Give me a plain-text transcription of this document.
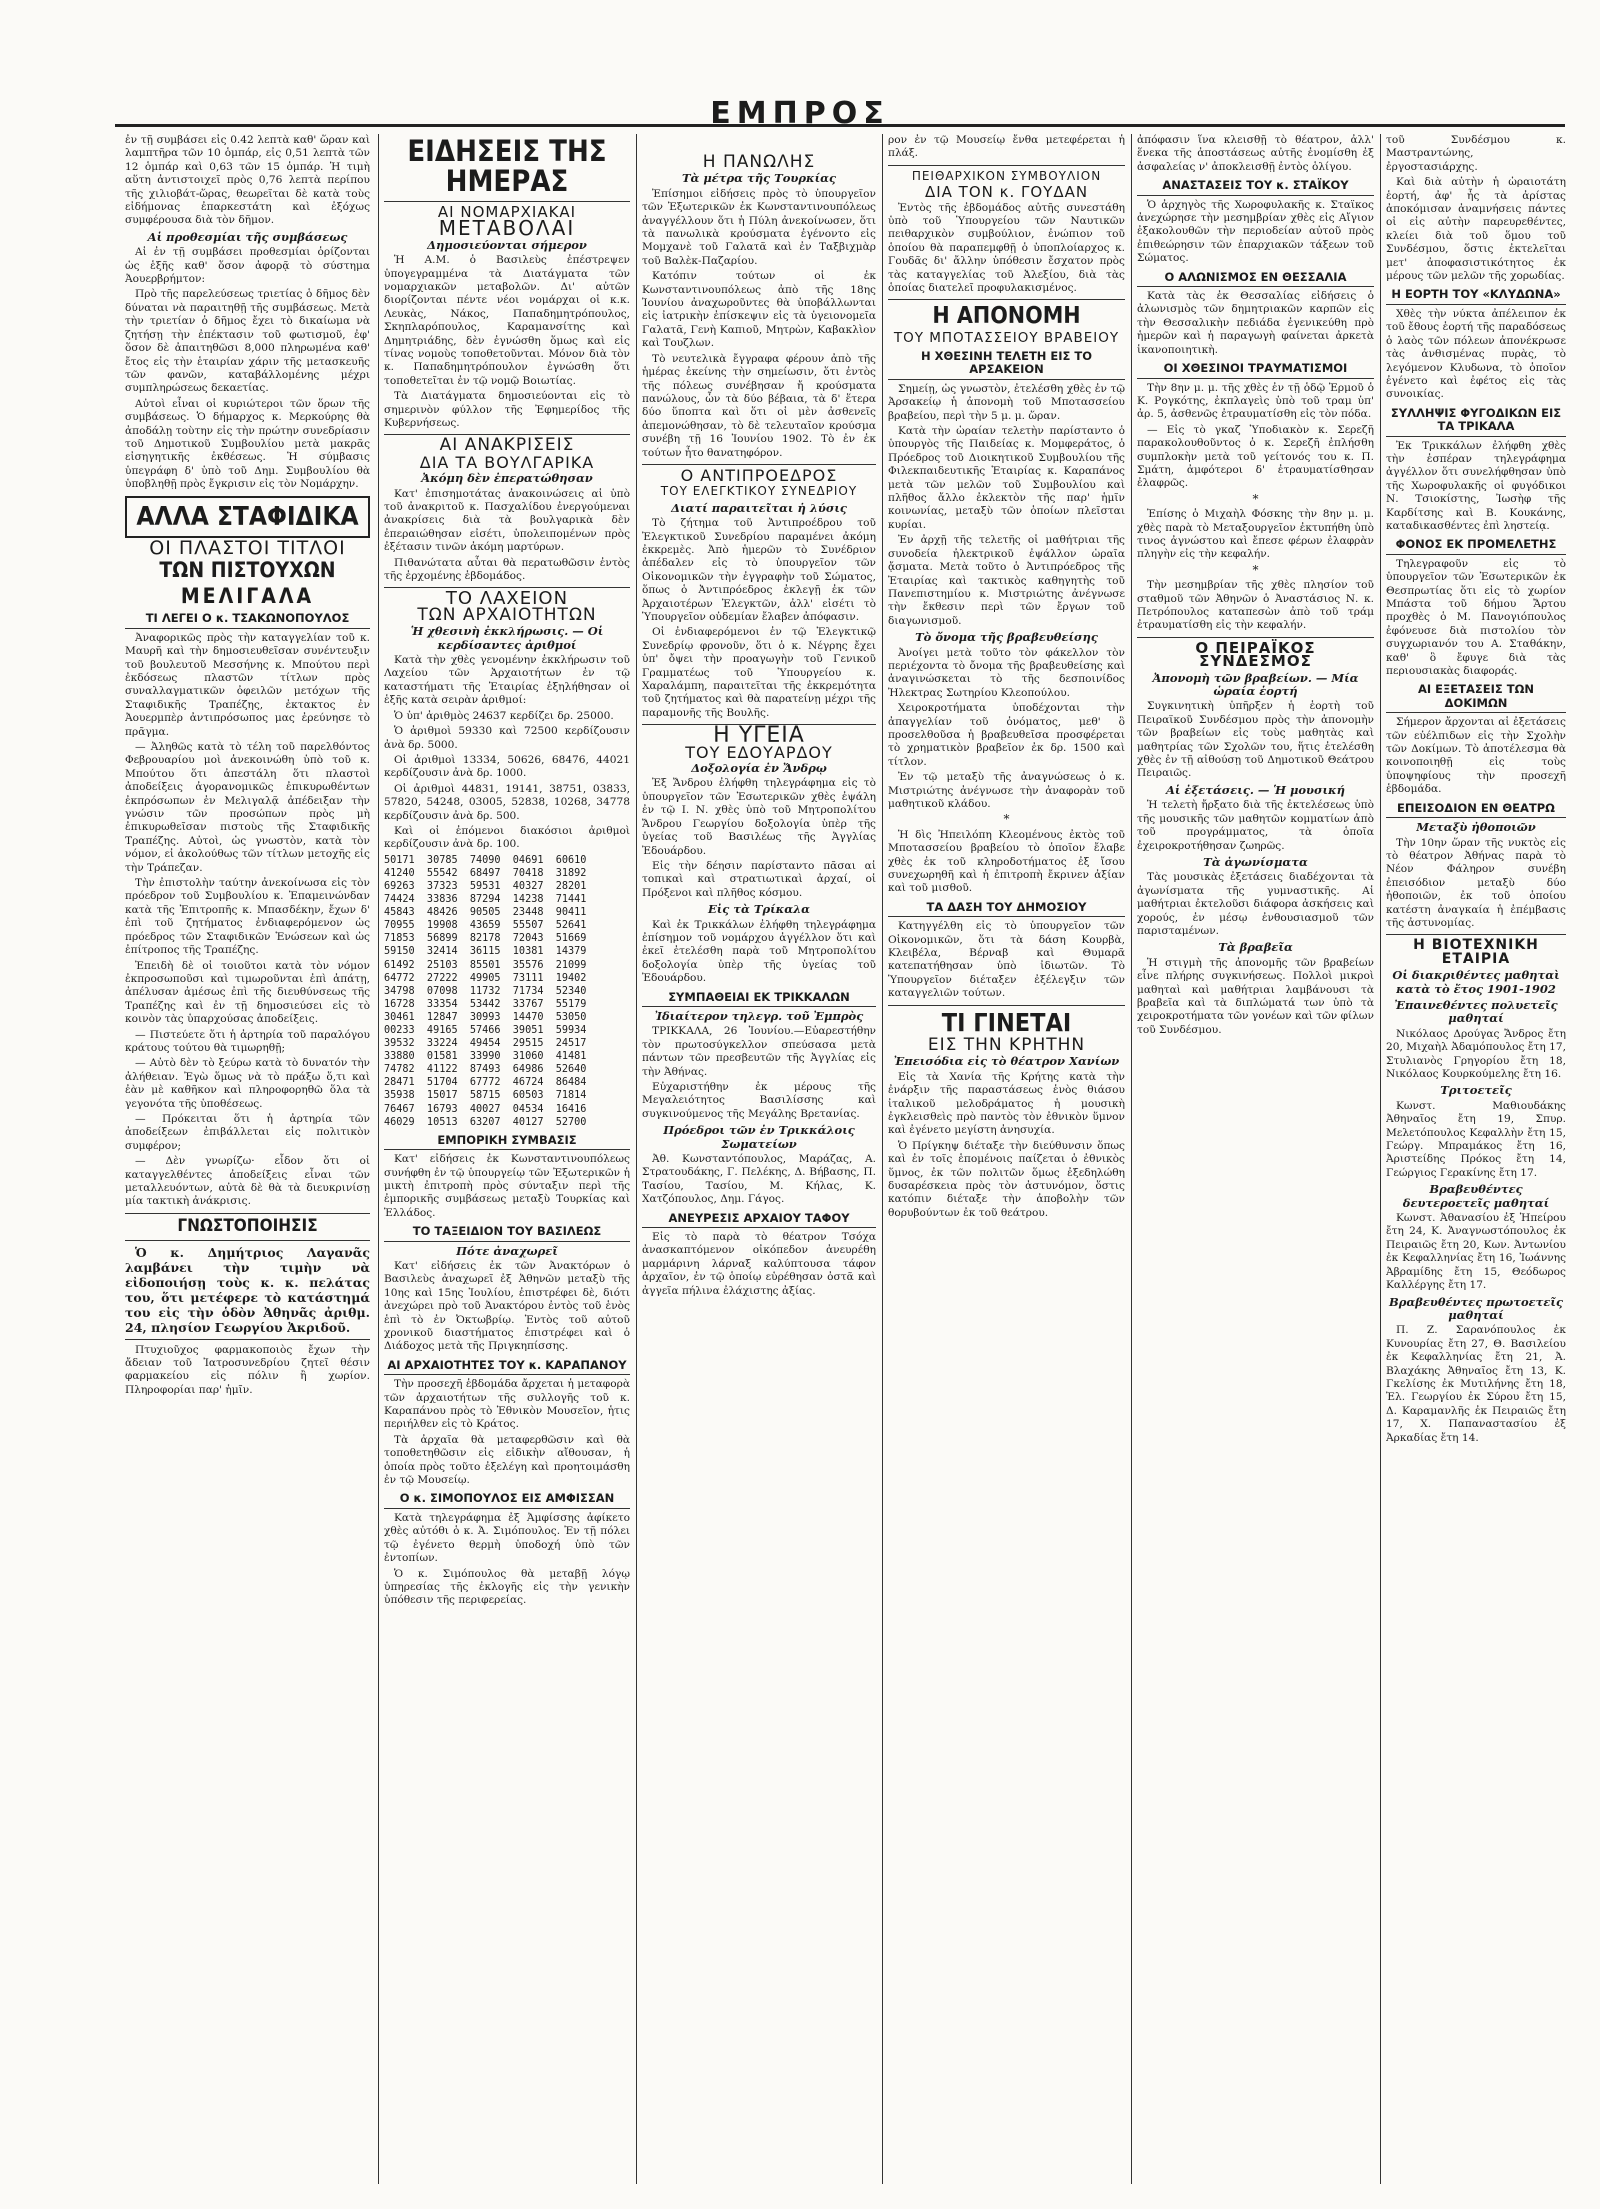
ΕΜΠΡΟΣ

ἐν τῇ συμβάσει εἰς 0.42 λεπτὰ καθ' ὥραν καὶ λαμπτῆρα τῶν 10 ὁμπάρ, εἰς 0,51 λεπτὰ τῶν 12 ὁμπάρ καὶ 0,63 τῶν 15 ὁμπάρ. Ἡ τιμὴ αὕτη ἀντιστοιχεῖ πρὸς 0,76 λεπτὰ περίπου τῆς χιλιοβάτ-ὥρας, θεωρεῖται δὲ κατὰ τοὺς εἰδήμονας ἐπαρκεστάτη καὶ ἐξόχως συμφέρουσα διὰ τὸν δῆμον.

Αἱ προθεσμίαι τῆς συμβάσεως

Αἱ ἐν τῇ συμβάσει προθεσμίαι ὁρίζονται ὡς ἑξῆς καθ' ὅσον ἀφορᾷ τὸ σύστημα Ἀουερβρήμτον:

Πρὸ τῆς παρελεύσεως τριετίας ὁ δῆμος δὲν δύναται νὰ παραιτηθῇ τῆς συμβάσεως. Μετὰ τὴν τριετίαν ὁ δῆμος ἔχει τὸ δικαίωμα νὰ ζητήσῃ τὴν ἐπέκτασιν τοῦ φωτισμοῦ, ἐφ' ὅσον δὲ ἀπαιτηθῶσι 8,000 πληρωμένα καθ' ἔτος εἰς τὴν ἑταιρίαν χάριν τῆς μετασκευῆς τῶν φανῶν, καταβάλλομένης μέχρι συμπληρώσεως δεκαετίας.

Αὐτοὶ εἶναι οἱ κυριώτεροι τῶν ὅρων τῆς συμβάσεως. Ὁ δήμαρχος κ. Μερκούρης θὰ ἀποδάλῃ τοὺτην εἰς τὴν πρώτην συνεδρίασιν τοῦ Δημοτικοῦ Συμβουλίου μετὰ μακρᾶς εἰσηγητικῆς ἐκθέσεως. Ἡ σύμβασις ὑπεγράφη δ' ὑπὸ τοῦ Δημ. Συμβουλίου θὰ ὑποβληθῇ πρὸς ἔγκρισιν εἰς τὸν Νομάρχην.

ΑΛΛΑ ΣΤΑΦΙΔΙΚΑ
ΟΙ ΠΛΑΣΤΟΙ ΤΙΤΛΟΙ
ΤΩΝ ΠΙΣΤΟΥΧΩΝ
ΜΕΛΙΓΑΛΑ
ΤΙ ΛΕΓΕΙ Ο κ. ΤΣΑΚΩΝΟΠΟΥΛΟΣ

Ἀναφορικῶς πρὸς τὴν καταγγελίαν τοῦ κ. Μαυρῆ καὶ τὴν δημοσιευθεῖσαν συνέντευξιν τοῦ βουλευτοῦ Μεσσήνης κ. Μπούτου περὶ ἐκδόσεως πλαστῶν τίτλων πρὸς συναλλαγματικῶν ὀφειλῶν μετόχων τῆς Σταφιδικῆς Τραπέζης, ἐκτακτος ἐν Ἀουερμπὲρ ἀντιπρόσωπος μας ἐρεύνησε τὸ πρᾶγμα.

— Ἀληθῶς κατὰ τὸ τέλη τοῦ παρελθόντος Φεβρουαρίου μοὶ ἀνεκοινώθη ὑπὸ τοῦ κ. Μπούτου ὅτι ἀπεστάλη ὅτι πλαστοὶ ἀποδείξεις ἀγορανομικῶς ἐπικυρωθέντων ἐκπρόσωπων ἐν Μελιγαλᾷ ἀπέδειξαν τὴν γνώσιν τῶν προσώπων πρὸς μὴ ἐπικυρωθεῖσαν πιστοὺς τῆς Σταφιδικῆς Τραπέζης. Αὐτοὶ, ὡς γνωστὸν, κατὰ τὸν νόμον, εἰ ἀκολούθως τῶν τίτλων μετοχῆς εἰς τὴν Τράπεζαν.

Τὴν ἐπιστολὴν ταύτην ἀνεκοίνωσα εἰς τὸν πρόεδρον τοῦ Συμβουλίου κ. Ἐπαμεινώνδαν κατὰ τῆς Ἐπιτροπῆς κ. Μπασδέκην, ἔχων δ' ἐπὶ τοῦ ζητήματος ἐνδιαφερόμενον ὡς πρόεδρος τῶν Σταφιδικῶν Ἑνώσεων καὶ ὡς ἐπίτροπος τῆς Τραπέζης.

Ἐπειδὴ δὲ οἱ τοιοῦτοι κατὰ τὸν νόμον ἐκπροσωποῦσι καὶ τιμωροῦνται ἐπὶ ἀπάτῃ, ἀπέλυσαν ἀμέσως ἐπὶ τῆς διευθύνσεως τῆς Τραπέζης καὶ ἐν τῇ δημοσιεύσει εἰς τὸ κοινὸν τὰς ὑπαρχούσας ἀποδείξεις.

— Πιστεύετε ὅτι ἡ ἀρτηρία τοῦ παραλόγου κράτους τούτου θὰ τιμωρηθῇ;

— Αὐτὸ δὲν τὸ ξεύρω κατὰ τὸ δυνατόν τὴν ἀλήθειαν. Ἐγὼ ὅμως νὰ τὸ πράξω ὅ,τι καὶ ἐὰν μὲ καθῆκον καὶ πληροφορηθῶ ὅλα τὰ γεγονότα τῆς ὑποθέσεως.

— Πρόκειται ὅτι ἡ ἀρτηρία τῶν ἀποδείξεων ἐπιβάλλεται εἰς πολιτικὸν συμφέρον;

— Δὲν γνωρίζω· εἶδον ὅτι οἱ καταγγελθέντες ἀποδείξεις εἶναι τῶν μεταλλευόντων, αὐτὰ δὲ θὰ τὰ διευκρινίσῃ μία τακτικὴ ἀνάκρισις.

ΓΝΩΣΤΟΠΟΙΗΣΙΣ

Ὁ κ. Δημήτριος Λαγανᾶς λαμβάνει τὴν τιμὴν νὰ εἰδοποιήσῃ τοὺς κ. κ. πελάτας του, ὅτι μετέφερε τὸ κατάστημά του εἰς τὴν ὁδὸν Ἀθηνᾶς ἀριθμ. 24, πλησίον Γεωργίου Ἀκριδοῦ.

Πτυχιοῦχος φαρμακοποιὸς ἔχων τὴν ἄδειαν τοῦ Ἰατροσυνεδρίου ζητεῖ θέσιν φαρμακείου εἰς πόλιν ἢ χωρίον. Πληροφορίαι παρ' ἡμῖν.

ΕΙΔΗΣΕΙΣ ΤΗΣ ΗΜΕΡΑΣ
ΑΙ ΝΟΜΑΡΧΙΑΚΑΙ
ΜΕΤΑΒΟΛΑΙ
Δημοσιεύονται σήμερον

Ἡ Α.Μ. ὁ Βασιλεὺς ἐπέστρεψεν ὑπογεγραμμένα τὰ Διατάγματα τῶν νομαρχιακῶν μεταβολῶν. Δι' αὐτῶν διορίζονται πέντε νέοι νομάρχαι οἱ κ.κ. Λευκὰς, Νάκος, Παπαδημητρόπουλος, Σκηπλαρόπουλος, Καραμανσίτης καὶ Δημητριάδης, δὲν ἐγνώσθη ὅμως καὶ εἰς τίνας νομοὺς τοποθετοῦνται. Μόνον διὰ τὸν κ. Παπαδημητρόπουλον ἐγνώσθη ὅτι τοποθετεῖται ἐν τῷ νομῷ Βοιωτίας.

Τὰ Διατάγματα δημοσιεύονται εἰς τὸ σημερινὸν φύλλον τῆς Ἐφημερίδος τῆς Κυβερνήσεως.

ΑΙ ΑΝΑΚΡΙΣΕΙΣ
ΔΙΑ ΤΑ ΒΟΥΛΓΑΡΙΚΑ
Ἀκόμη δὲν ἐπερατώθησαν

Κατ' ἐπισημοτάτας ἀνακοινώσεις αἱ ὑπὸ τοῦ ἀνακριτοῦ κ. Πασχαλίδου ἐνεργούμεναι ἀνακρίσεις διὰ τὰ βουλγαρικὰ δὲν ἐπεραιώθησαν εἰσέτι, ὑπολειπομένων πρὸς ἐξέτασιν τινῶν ἀκόμη μαρτύρων.

Πιθανώτατα αὗται θὰ περατωθῶσιν ἐντὸς τῆς ἐρχομένης ἑβδομάδος.

ΤΟ ΛΑΧΕΙΟΝ
ΤΩΝ ΑΡΧΑΙΟΤΗΤΩΝ
Ἡ χθεσινὴ ἐκκλήρωσις. — Οἱ κερδίσαντες ἀριθμοί

Κατὰ τὴν χθὲς γενομένην ἐκκλήρωσιν τοῦ Λαχείου τῶν Ἀρχαιοτήτων ἐν τῷ καταστήματι τῆς Ἐταιρίας ἐξηλήθησαν οἱ ἑξῆς κατὰ σειρὰν ἀριθμοί:

Ὁ ὑπ' ἀριθμὸς 24637 κερδίζει δρ. 25000.

Ὁ ἀριθμοὶ 59330 καὶ 72500 κερδίζουσιν ἀνὰ δρ. 5000.

Οἱ ἀριθμοὶ 13334, 50626, 68476, 44021 κερδίζουσιν ἀνὰ δρ. 1000.

Οἱ ἀριθμοὶ 44831, 19141, 38751, 03833, 57820, 54248, 03005, 52838, 10268, 34778 κερδίζουσιν ἀνὰ δρ. 500.

Καὶ οἱ ἐπόμενοι διακόσιοι ἀριθμοὶ κερδίζουσιν ἀνὰ δρ. 100.

50171  30785  74090  04691  60610
41240  55542  68497  70418  31892
69263  37323  59531  40327  28201
74424  33836  87294  14238  71441
45843  48426  90505  23448  90411
70955  19908  43659  55507  52641
71853  56899  82178  72043  51669
59150  32414  36115  10381  14379
61492  25103  85501  35576  21099
64772  27222  49905  73111  19402
34798  07098  11732  71734  52340
16728  33354  53442  33767  55179
30461  12847  30993  14470  53050
00233  49165  57466  39051  59934
39532  33224  49454  29515  24517
33880  01581  33990  31060  41481
74782  41122  87493  64986  52640
28471  51704  67772  46724  86484
35938  15017  58715  60503  71814
76467  16793  40027  04534  16416
46029  10513  63207  40127  52700
ΕΜΠΟΡΙΚΗ ΣΥΜΒΑΣΙΣ

Κατ' εἰδήσεις ἐκ Κωνσταντινουπόλεως συνήφθη ἐν τῷ ὑπουργείῳ τῶν Ἐξωτερικῶν ἡ μικτὴ ἐπιτροπὴ πρὸς σύνταξιν περὶ τῆς ἐμπορικῆς συμβάσεως μεταξὺ Τουρκίας καὶ Ἑλλάδος.

ΤΟ ΤΑΞΕΙΔΙΟΝ ΤΟΥ ΒΑΣΙΛΕΩΣ
Πότε ἀναχωρεῖ

Κατ' εἰδήσεις ἐκ τῶν Ἀνακτόρων ὁ Βασιλεὺς ἀναχωρεῖ ἐξ Ἀθηνῶν μεταξὺ τῆς 10ης καὶ 15ης Ἰουλίου, ἐπιστρέφει δὲ, διότι ἀνεχώρει πρὸ τοῦ Ἀνακτόρου ἐντὸς τοῦ ἑνὸς ἑπὶ τὸ ἐν Ὀκτωβρίῳ. Ἐντὸς τοῦ αὐτοῦ χρονικοῦ διαστήματος ἐπιστρέφει καὶ ὁ Διάδοχος μετὰ τῆς Πριγκηπίσσης.

ΑΙ ΑΡΧΑΙΟΤΗΤΕΣ ΤΟΥ κ. ΚΑΡΑΠΑΝΟΥ

Τὴν προσεχῆ ἑβδομάδα ἄρχεται ἡ μεταφορὰ τῶν ἀρχαιοτήτων τῆς συλλογῆς τοῦ κ. Καραπάνου πρὸς τὸ Ἐθνικὸν Μουσεῖον, ἡτις περιήλθεν εἰς τὸ Κράτος.

Τὰ ἀρχαῖα θὰ μεταφερθῶσιν καὶ θὰ τοποθετηθῶσιν εἰς εἰδικὴν αἴθουσαν, ἡ ὁποία πρὸς τοῦτο ἐξελέγη καὶ προητοιμάσθη ἐν τῷ Μουσείῳ.

Ο κ. ΣΙΜΟΠΟΥΛΟΣ ΕΙΣ ΑΜΦΙΣΣΑΝ

Κατὰ τηλεγράφημα ἐξ Ἀμφίσσης ἀφίκετο χθὲς αὐτόθι ὁ κ. Ἀ. Σιμόπουλος. Ἐν τῇ πόλει τῷ ἐγένετο θερμὴ ὑποδοχή ὑπὸ τῶν ἐντοπίων.

Ὁ κ. Σιμόπουλος θὰ μεταβῇ λόγῳ ὑπηρεσίας τῆς ἐκλογῆς εἰς τὴν γενικὴν ὑπόθεσιν τῆς περιφερείας.

Η ΠΑΝΩΛΗΣ
Τὰ μέτρα τῆς Τουρκίας

Ἐπίσημοι εἰδήσεις πρὸς τὸ ὑπουργεῖον τῶν Ἐξωτερικῶν ἐκ Κωνσταντινουπόλεως ἀναγγέλλουν ὅτι ἡ Πύλη ἀνεκοίνωσεν, ὅτι τὰ πανωλικὰ κρούσματα ἐγένοντο εἰς Μομχανὲ τοῦ Γαλατᾶ καὶ ἐν Ταξβιχμὰρ τοῦ Βαλὲκ-Παζαρίου.

Κατόπιν τούτων οἱ ἐκ Κωνσταντινουπόλεως ἀπὸ τῆς 18ης Ἰουνίου ἀναχωροῦντες θὰ ὑποβάλλωνται εἰς ἰατρικὴν ἐπίσκεψιν εἰς τὰ ὑγειονομεῖα Γαλατᾶ, Γενὴ Καπιοῦ, Μητρὼν, Καβακλὶον καὶ Τουζλων.

Τὸ νευτελικὰ ἔγγραφα φέρουν ἀπὸ τῆς ἡμέρας ἐκείνης τὴν σημείωσιν, ὅτι ἐντὸς τῆς πόλεως συνέβησαν ἤ κρούσματα πανώλους, ὧν τὰ δύο βέβαια, τὰ δ' ἕτερα δύο ὕποπτα καὶ ὅτι οἱ μὲν ἀσθενεῖς ἀπεμονώθησαν, τὸ δὲ τελευταῖον κρούσμα συνέβη τῇ 16 Ἰουνίου 1902. Τὸ ἐν ἐκ τούτων ἦτο θανατηφόρον.

Ο ΑΝΤΙΠΡΟΕΔΡΟΣ
ΤΟΥ ΕΛΕΓΚΤΙΚΟΥ ΣΥΝΕΔΡΙΟΥ
Διατί παραιτεῖται ἡ λύσις

Τὸ ζήτημα τοῦ Ἀντιπροέδρου τοῦ Ἐλεγκτικοῦ Συνεδρίου παραμένει ἀκόμη ἐκκρεμὲς. Ἀπὸ ἡμερῶν τὸ Συνέδριον ἀπέδαλεν εἰς τὸ ὑπουργεῖον τῶν Οἰκονομικῶν τὴν ἐγγραφὴν τοῦ Σώματος, ὅπως ὁ Ἀντιπρόεδρος ἐκλεγῇ ἐκ τῶν Ἀρχαιοτέρων Ἐλεγκτῶν, ἀλλ' εἰσέτι τὸ Ὑπουργεῖον οὐδεμίαν ἔλαβεν ἀπόφασιν.

Οἱ ἐνδιαφερόμενοι ἐν τῷ Ἐλεγκτικῷ Συνεδρίῳ φρονοῦν, ὅτι ὁ κ. Νέγρης ἔχει ὑπ' ὄψει τὴν προαγωγὴν τοῦ Γενικοῦ Γραμματέως τοῦ Ὑπουργείου κ. Χαραλάμπη, παραιτεῖται τῆς ἐκκρεμότητα τοῦ ζητήματος καὶ θὰ παρατείνῃ μέχρι τῆς παραμονῆς τῆς Βουλῆς.

Η ΥΓΕΙΑ
ΤΟΥ ΕΔΟΥΑΡΔΟΥ
Δοξολογία ἐν Ἄνδρῳ

Ἐξ Ἄνδρου ἐλήφθη τηλεγράφημα εἰς τὸ ὑπουργεῖον τῶν Ἐσωτερικῶν χθὲς ἐψάλη ἐν τῷ Ι. Ν. χθὲς ὑπὸ τοῦ Μητροπολίτου Ἄνδρου Γεωργίου δοξολογία ὑπὲρ τῆς ὑγείας τοῦ Βασιλέως τῆς Ἀγγλίας Ἐδουάρδου.

Εἰς τὴν δέησιν παρίσταντο πᾶσαι αἱ τοπικαὶ καὶ στρατιωτικαὶ ἀρχαί, οἱ Πρόξενοι καὶ πλῆθος κόσμου.

Εἰς τὰ Τρίκαλα

Καὶ ἐκ Τρικκάλων ἐλήφθη τηλεγράφημα ἐπίσημον τοῦ νομάρχου ἀγγέλλον ὅτι καὶ ἐκεῖ ἐτελέσθη παρὰ τοῦ Μητροπολίτου δοξολογία ὑπὲρ τῆς ὑγείας τοῦ Ἐδουάρδου.

ΣΥΜΠΑΘΕΙΑΙ ΕΚ ΤΡΙΚΚΑΛΩΝ
Ἰδιαίτερον τηλεγρ. τοῦ Ἐμπρὸς

ΤΡΙΚΚΑΛΑ, 26 Ἰουνίου.—Εὐαρεστήθην τὸν πρωτοσύγκελλον σπεύσασα μετὰ πάντων τῶν πρεσβευτῶν τῆς Ἀγγλίας εἰς τὴν Ἀθήνας.

Εὐχαριστήθην ἐκ μέρους τῆς Μεγαλειότητος Βασιλίσσης καὶ συγκινούμενος τῆς Μεγάλης Βρετανίας.

Πρόεδροι τῶν ἐν Τρικκάλοις Σωματείων

Ἀθ. Κωνσταντόπουλος, Μαράζας, Α. Στρατουδάκης, Γ. Πελέκης, Δ. Βήβασης, Π. Τασίου, Τασίου, Μ. Κήλας, Κ. Χατζόπουλος, Δημ. Γάγος.

ΑΝΕΥΡΕΣΙΣ ΑΡΧΑΙΟΥ ΤΑΦΟΥ

Εἰς τὸ παρὰ τὸ θέατρον Τσόχα ἀνασκαπτόμενον οἰκόπεδον ἀνευρέθη μαρμάρινη λάρναξ καλύπτουσα τάφον ἀρχαῖον, ἐν τῷ ὁποίῳ εὑρέθησαν ὀστᾶ καὶ ἀγγεῖα πήλινα ἐλάχιστης ἀξίας.

ρον ἐν τῷ Μουσείῳ ἔνθα μετεφέρεται ἡ πλάξ.

ΠΕΙΘΑΡΧΙΚΟΝ ΣΥΜΒΟΥΛΙΟΝ
ΔΙΑ ΤΟΝ κ. ΓΟΥΔΑΝ

Ἐντὸς τῆς ἐβδομάδος αὐτῆς συνεστάθη ὑπὸ τοῦ Ὑπουργείου τῶν Ναυτικῶν πειθαρχικὸν συμβούλιον, ἐνώπιον τοῦ ὁποίου θὰ παραπεμφθῇ ὁ ὑποπλοίαρχος κ. Γουδᾶς δι' ἄλλην ὑπόθεσιν ἔσχατον πρὸς τὰς καταγγελίας τοῦ Ἀλεξίου, διὰ τὰς ὁποίας διατελεῖ προφυλακισμένος.

Η ΑΠΟΝΟΜΗ
ΤΟΥ ΜΠΟΤΑΣΣΕΙΟΥ ΒΡΑΒΕΙΟΥ
Η ΧΘΕΣΙΝΗ ΤΕΛΕΤΗ ΕΙΣ ΤΟ ΑΡΣΑΚΕΙΟΝ

Σημείῃ, ὡς γνωστὸν, ἐτελέσθη χθὲς ἐν τῷ Ἀρσακείῳ ἡ ἀπονομὴ τοῦ Μποτασσείου βραβείου, περὶ τὴν 5 μ. μ. ὥραν.

Κατὰ τὴν ὡραίαν τελετὴν παρίσταντο ὁ ὑπουργὸς τῆς Παιδείας κ. Μομφεράτος, ὁ Πρόεδρος τοῦ Διοικητικοῦ Συμβουλίου τῆς Φιλεκπαιδευτικῆς Ἑταιρίας κ. Καραπάνος μετὰ τῶν μελῶν τοῦ Συμβουλίου καὶ πλῆθος ἄλλο ἐκλεκτὸν τῆς παρ' ἡμῖν κοινωνίας, μεταξὺ τῶν ὁποίων πλεῖσται κυρίαι.

Ἐν ἀρχῇ τῆς τελετῆς οἱ μαθήτριαι τῆς συνοδεία ἠλεκτρικοῦ ἐψάλλον ὡραῖα ᾄσματα. Μετὰ τοῦτο ὁ Ἀντιπρόεδρος τῆς Ἐταιρίας καὶ τακτικὸς καθηγητὴς τοῦ Πανεπιστημίου κ. Μιστριώτης ἀνέγνωσε τὴν ἔκθεσιν περὶ τῶν ἔργων τοῦ διαγωνισμοῦ.

Τὸ ὄνομα τῆς βραβευθείσης

Ἀνοίγει μετὰ τοῦτο τὸν φάκελλον τὸν περιέχοντα τὸ ὄνομα τῆς βραβευθείσης καὶ ἀναγινώσκεται τὸ τῆς δεσποινίδος Ἠλεκτρας Σωτηρίου Κλεοπούλου.

Χειροκροτήματα ὑποδέχονται τὴν ἀπαγγελίαν τοῦ ὀνόματος, μεθ' ὃ προσελθοῦσα ἡ βραβευθεῖσα προσφέρεται τὸ χρηματικὸν βραβεῖον ἐκ δρ. 1500 καὶ τίτλον.

Ἐν τῷ μεταξὺ τῆς ἀναγνώσεως ὁ κ. Μιστριώτης ἀνέγνωσε τὴν ἀναφορὰν τοῦ μαθητικοῦ κλάδου.

*

Ἡ δὶς Ἠπειλόπη Κλεομένους ἐκτὸς τοῦ Μποτασσείου βραβείου τὸ ὁποῖον ἔλαβε χθὲς ἐκ τοῦ κληροδοτήματος ἐξ ἴσου συνεχωρηθῆ καὶ ἡ ἐπιτροπὴ ἔκρινεν ἀξίαν καὶ τοῦ μισθοῦ.

ΤΑ ΔΑΣΗ ΤΟΥ ΔΗΜΟΣΙΟΥ

Κατηγγέλθη εἰς τὸ ὑπουργεῖον τῶν Οἰκονομικῶν, ὅτι τὰ δάση Κουρβὰ, Κλειβέλα, Βέρναβ καὶ Θυμαρᾶ κατεπατήθησαν ὑπὸ ἰδιωτῶν. Τὸ Ὑπουργεῖον διέταξεν ἐξέλεγξιν τῶν καταγγελιῶν τούτων.

ΤΙ ΓΙΝΕΤΑΙ
ΕΙΣ ΤΗΝ ΚΡΗΤΗΝ
Ἐπεισόδια εἰς τὸ θέατρον Χανίων

Εἰς τὰ Χανία τῆς Κρήτης κατὰ τὴν ἐνάρξιν τῆς παραστάσεως ἑνὸς θιάσου ἰταλικοῦ μελοδράματος ἡ μουσικὴ ἐγκλεισθεὶς πρὸ παντὸς τὸν ἐθνικὸν ὕμνον καὶ ἐγένετο μεγίστη ἀνησυχία.

Ὁ Πρίγκηψ διέταξε τὴν διεύθυνσιν ὅπως καὶ ἐν τοῖς ἑπομένοις παίζεται ὁ ἐθνικὸς ὕμνος, ἐκ τῶν πολιτῶν ὅμως ἐξεδηλώθη δυσαρέσκεια πρὸς τὸν ἀστυνόμον, ὅστις κατόπιν διέταξε τὴν ἀποβολὴν τῶν θορυβούντων ἐκ τοῦ θεάτρου.

ἀπόφασιν ἵνα κλεισθῇ τὸ θέατρον, ἀλλ' ἕνεκα τῆς ἀποστάσεως αὐτῆς ἐνομίσθη ἐξ ἀσφαλείας ν' ἀποκλεισθῇ ἐντὸς ὁλίγου.

ΑΝΑΣΤΑΣΕΙΣ ΤΟΥ κ. ΣΤΑΪΚΟΥ

Ὁ ἀρχηγὸς τῆς Χωροφυλακῆς κ. Σταϊκος ἀνεχώρησε τὴν μεσημβρίαν χθὲς εἰς Αἴγιον ἐξακολουθῶν τὴν περιοδείαν αὐτοῦ πρὸς ἐπιθεώρησιν τῶν ἐπαρχιακῶν τάξεων τοῦ Σώματος.

Ο ΑΛΩΝΙΣΜΟΣ ΕΝ ΘΕΣΣΑΛΙΑ

Κατὰ τὰς ἐκ Θεσσαλίας εἰδήσεις ὁ ἀλωνισμὸς τῶν δημητριακῶν καρπῶν εἰς τὴν Θεσσαλικὴν πεδιάδα ἐγενικεύθη πρὸ ἡμερῶν καὶ ἡ παραγωγὴ φαίνεται ἀρκετὰ ἱκανοποιητικὴ.

ΟΙ ΧΘΕΣΙΝΟΙ ΤΡΑΥΜΑΤΙΣΜΟΙ

Τὴν 8ην μ. μ. τῆς χθὲς ἐν τῇ ὁδῷ Ἐρμοῦ ὁ Κ. Ρογκότης, ἐκπλαγεὶς ὑπὸ τοῦ τραμ ὑπ' ἀρ. 5, ἀσθενῶς ἐτραυματίσθη εἰς τὸν πόδα.

— Εἰς τὸ γκαζ Ὑποδιακὸν κ. Σερεζῆ παρακολουθοῦντος ὁ κ. Σερεζῆ ἐπλήσθη συμπλοκὴν μετὰ τοῦ γείτονός του κ. Π. Σμάτη, ἀμφότεροι δ' ἐτραυματίσθησαν ἐλαφρῶς.

*

Ἐπίσης ὁ Μιχαὴλ Φόσκης τὴν 8ην μ. μ. χθὲς παρὰ τὸ Μεταξουργεῖον ἐκτυπήθη ὑπὸ τινος ἀγνώστου καὶ ἔπεσε φέρων ἐλαφρὰν πληγὴν εἰς τὴν κεφαλήν.

*

Τὴν μεσημβρίαν τῆς χθὲς πλησίον τοῦ σταθμοῦ τῶν Ἀθηνῶν ὁ Ἀναστάσιος Ν. κ. Πετρόπουλος καταπεσὼν ἀπὸ τοῦ τράμ ἐτραυματίσθη εἰς τὴν κεφαλήν.

Ο ΠΕΙΡΑΪΚΟΣ ΣΥΝΔΕΣΜΟΣ
Ἀπονομὴ τῶν βραβείων. — Μία ὡραία ἑορτή

Συγκινητικὴ ὑπῆρξεν ἡ ἑορτὴ τοῦ Πειραϊκοῦ Συνδέσμου πρὸς τὴν ἀπονομὴν τῶν βραβείων εἰς τοὺς μαθητὰς καὶ μαθητρίας τῶν Σχολῶν του, ἥτις ἐτελέσθη χθὲς ἐν τῇ αἰθούσῃ τοῦ Δημοτικοῦ Θεάτρου Πειραιῶς.

Αἱ ἐξετάσεις. — Ἡ μουσική

Ἡ τελετὴ ἤρξατο διὰ τῆς ἐκτελέσεως ὑπὸ τῆς μουσικῆς τῶν μαθητῶν κομματίων ἀπὸ τοῦ προγράμματος, τὰ ὁποῖα ἐχειροκροτήθησαν ζωηρῶς.

Τὰ ἀγωνίσματα

Τὰς μουσικὰς ἐξετάσεις διαδέχονται τὰ ἀγωνίσματα τῆς γυμναστικῆς. Αἱ μαθήτριαι ἐκτελοῦσι διάφορα ἀσκήσεις καὶ χορούς, ἐν μέσῳ ἐνθουσιασμοῦ τῶν παρισταμένων.

Τὰ βραβεῖα

Ἡ στιγμὴ τῆς ἀπονομῆς τῶν βραβείων εἶνε πλήρης συγκινήσεως. Πολλοὶ μικροὶ μαθηταὶ καὶ μαθήτριαι λαμβάνουσι τὰ βραβεῖα καὶ τὰ διπλώματά των ὑπὸ τὰ χειροκροτήματα τῶν γονέων καὶ τῶν φίλων τοῦ Συνδέσμου.

τοῦ Συνδέσμου κ. Μαστραντώνης, ἐργοστασιάρχης.

Καὶ διὰ αὐτὴν ἡ ὡραιοτάτη ἑορτή, ἀφ' ἧς τὰ ἀρίστας ἀποκόμισαν ἀναμνήσεις πάντες οἱ εἰς αὐτὴν παρευρεθέντες, κλείει διὰ τοῦ ὅμου τοῦ Συνδέσμου, ὅστις ἐκτελεῖται μετ' ἀποφασιστικότητος ἐκ μέρους τῶν μελῶν τῆς χορωδίας.

Η ΕΟΡΤΗ ΤΟΥ «ΚΛΥΔΩΝΑ»

Χθὲς τὴν νύκτα ἀπέλειπον ἐκ τοῦ ἔθους ἑορτή τῆς παραδόσεως ὁ λαὸς τῶν πόλεων ἀπονέκρωσε τὰς ἀνθισμένας πυρὰς, τὸ λεγόμενον Κλυδωνα, τὸ ὁποῖον ἐγένετο καὶ ἐφέτος εἰς τὰς συνοικίας.

ΣΥΛΛΗΨΙΣ ΦΥΓΟΔΙΚΩΝ ΕΙΣ ΤΑ ΤΡΙΚΑΛΑ

Ἐκ Τρικκάλων ἐλήφθη χθὲς τὴν ἑσπέραν τηλεγράφημα ἀγγέλλον ὅτι συνελήφθησαν ὑπὸ τῆς Χωροφυλακῆς οἱ φυγόδικοι Ν. Τσιοκίστης, Ἰωσὴφ τῆς Καρδίτσης καὶ Β. Κουκάνης, καταδικασθέντες ἐπὶ ληστείᾳ.

ΦΟΝΟΣ ΕΚ ΠΡΟΜΕΛΕΤΗΣ

Τηλεγραφοῦν εἰς τὸ ὑπουργεῖον τῶν Ἐσωτερικῶν ἐκ Θεσπρωτίας ὅτι εἰς τὸ χωρίον Μπάστα τοῦ δήμου Ἄρτου προχθὲς ὁ Μ. Πανογιόπουλος ἐφόνευσε διὰ πιστολίου τὸν συγχωριανόν του Α. Σταθάκην, καθ' ὃ ἔφυγε διὰ τὰς περιουσιακὰς διαφοράς.

ΑΙ ΕΞΕΤΑΣΕΙΣ ΤΩΝ ΔΟΚΙΜΩΝ

Σήμερον ἄρχονται αἱ ἐξετάσεις τῶν εὐέλπιδων εἰς τὴν Σχολὴν τῶν Δοκίμων. Τὸ ἀποτέλεσμα θὰ κοινοποιηθῇ εἰς τοὺς ὑποψηφίους τὴν προσεχῆ ἑβδομάδα.

ΕΠΕΙΣΟΔΙΟΝ ΕΝ ΘΕΑΤΡΩ
Μεταξὺ ἠθοποιῶν

Τὴν 10ην ὥραν τῆς νυκτὸς εἰς τὸ θέατρον Ἀθήνας παρὰ τὸ Νέον Φάληρον συνέβη ἐπεισόδιον μεταξὺ δύο ἠθοποιῶν, ἐκ τοῦ ὁποίου κατέστη ἀναγκαία ἡ ἐπέμβασις τῆς ἀστυνομίας.

Η ΒΙΟΤΕΧΝΙΚΗ ΕΤΑΙΡΙΑ
Οἱ διακριθέντες μαθηταὶ κατὰ τὸ ἔτος 1901-1902
Ἐπαινεθέντες πολυετεῖς μαθηταί

Νικόλαος Δρούγας Ἄνδρος ἔτη 20, Μιχαὴλ Ἀδαμόπουλος ἔτη 17, Στυλιανὸς Γρηγορίου ἔτη 18, Νικόλαος Κουρκούμελης ἔτη 16.

Τριτοετεῖς

Κωνστ. Μαθιουδάκης Ἀθηναῖος ἔτη 19, Σπυρ. Μελετόπουλος Κεφαλλὴν ἔτη 15, Γεώργ. Μπραμάκος ἔτη 16, Ἀριστείδης Πρόκος ἔτη 14, Γεώργιος Γερακίνης ἔτη 17.

Βραβευθέντες δευτεροετεῖς μαθηταί

Κωνστ. Ἀθανασίου ἐξ Ἠπείρου ἔτη 24, Κ. Ἀναγνωστόπουλος ἐκ Πειραιῶς ἔτη 20, Κων. Ἀντωνίου ἐκ Κεφαλληνίας ἔτη 16, Ἰωάννης Ἀβραμίδης ἔτη 15, Θεόδωρος Καλλέργης ἔτη 17.

Βραβευθέντες πρωτοετεῖς μαθηταί

Π. Ζ. Σαρανόπουλος ἐκ Κυνουρίας ἔτη 27, Θ. Βασιλείου ἐκ Κεφαλληνίας ἔτη 21, Ἀ. Βλαχάκης Ἀθηναῖος ἔτη 13, Κ. Γκελίσης ἐκ Μυτιλήνης ἔτη 18, Ἐλ. Γεωργίου ἐκ Σύρου ἔτη 15, Δ. Καραμανλῆς ἐκ Πειραιῶς ἔτη 17, Χ. Παπαναστασίου ἐξ Ἀρκαδίας ἔτη 14.
